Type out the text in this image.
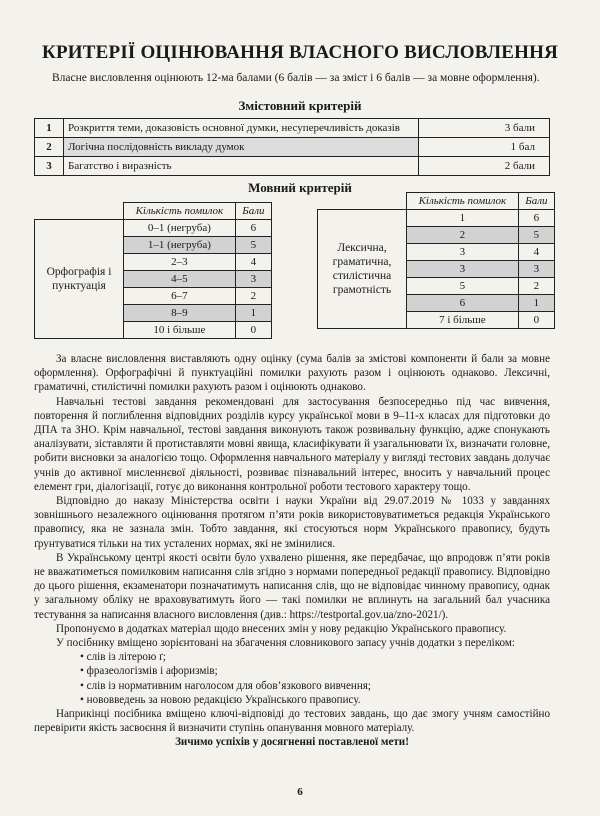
КРИТЕРІЇ ОЦІНЮВАННЯ ВЛАСНОГО ВИСЛОВЛЕННЯ
Власне висловлення оцінюють 12-ма балами (6 балів — за зміст і 6 балів — за мовне оформлення).
Змістовний критерій
1	Розкриття теми, доказовість основної думки, несуперечливість доказів	3 бали
2	Логічна послідовність викладу думок	1 бал
3	Багатство і виразність	2 бали
Мовний критерій
	Кількість помилок	Бали
Орфографія і пунктуація	0–1 (негруба)	6
	1–1 (негруба)	5
	2–3	4
	4–5	3
	6–7	2
	8–9	1
	10 і більше	0
	Кількість помилок	Бали
Лексична, граматична, стилістична грамотність	1	6
	2	5
	3	4
	3	3
	5	2
	6	1
	7 і більше	0

За власне висловлення виставляють одну оцінку (сума балів за змістові компоненти й бали за мовне оформлення). Орфографічні й пунктуаційні помилки рахують разом і оцінюють однаково. Лексичні, граматичні, стилістичні помилки рахують разом і оцінюють однаково.

Навчальні тестові завдання рекомендовані для застосування безпосередньо під час вивчення, повторення й поглиблення відповідних розділів курсу української мови в 9–11-х класах для підготовки до ДПА та ЗНО. Крім навчальної, тестові завдання виконують також розвивальну функцію, адже спонукають аналізувати, зіставляти й протиставляти мовні явища, класифікувати й узагальнювати їх, визначати головне, робити висновки за аналогією тощо. Оформлення навчального матеріалу у вигляді тестових завдань долучає учнів до активної мисленнєвої діяльності, розвиває пізнавальний інтерес, вносить у навчальний процес елемент гри, діалогізації, готує до виконання контрольної роботи тестового характеру тощо.

Відповідно до наказу Міністерства освіти і науки України від 29.07.2019 № 1033 у завданнях зовнішнього незалежного оцінювання протягом п’яти років використовуватиметься редакція Українського правопису, яка не зазнала змін. Тобто завдання, які стосуються норм Українського правопису, будуть ґрунтуватися тільки на тих усталених нормах, які не змінилися.

В Українському центрі якості освіти було ухвалено рішення, яке передбачає, що впродовж п’яти років не вважатиметься помилковим написання слів згідно з нормами попередньої редакції правопису. Відповідно до цього рішення, екзаменатори позначатимуть написання слів, що не відповідає чинному правопису, однак у загальному обліку не враховуватимуть його — такі помилки не вплинуть на загальний бал учасника тестування за написання власного висловлення (див.: https://testportal.gov.ua/zno-2021/).

Пропонуємо в додатках матеріал щодо внесених змін у нову редакцію Українського правопису.

У посібнику вміщено зорієнтовані на збагачення словникового запасу учнів додатки з переліком:

• слів із літерою ґ;
• фразеологізмів і афоризмів;
• слів із нормативним наголосом для обов’язкового вивчення;
• нововведень за новою редакцією Українського правопису.

Наприкінці посібника вміщено ключі-відповіді до тестових завдань, що дає змогу учням самостійно перевірити якість засвоєння й визначити ступінь опанування мовного матеріалу.

Зичимо успіхів у досягненні поставленої мети!

6
